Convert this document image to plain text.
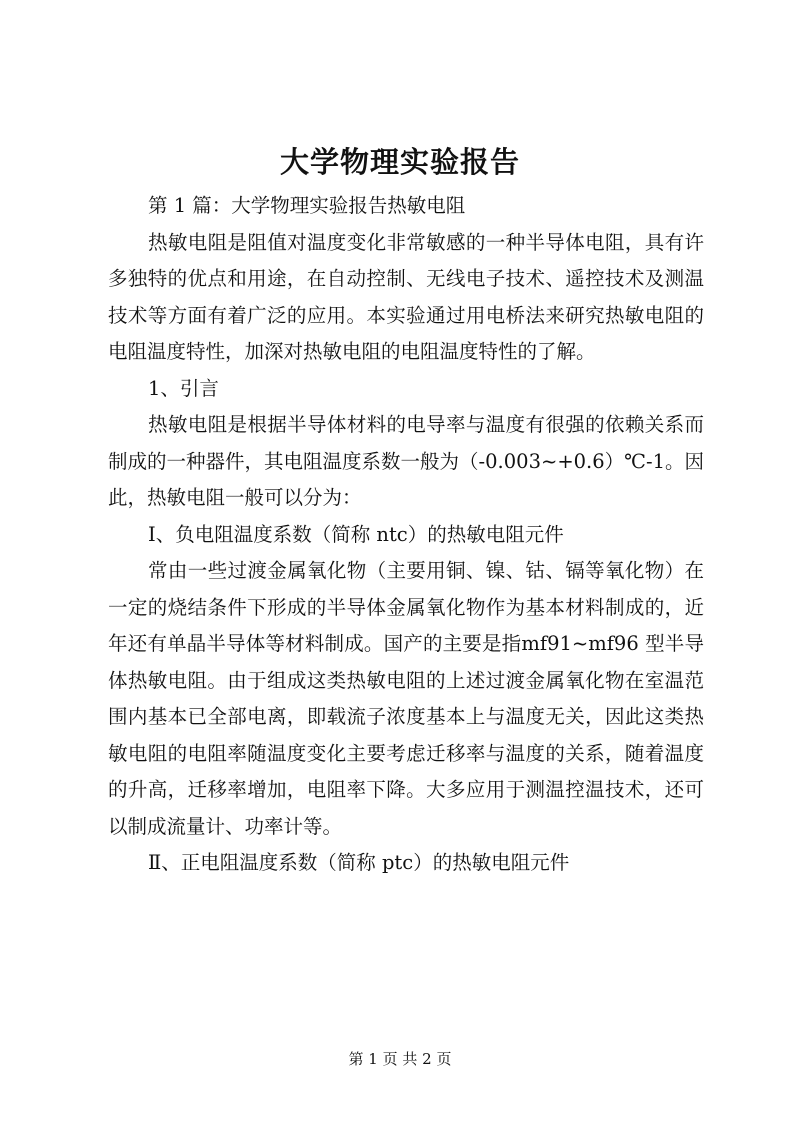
大学物理实验报告

第 1 篇：大学物理实验报告热敏电阻

热敏电阻是阻值对温度变化非常敏感的一种半导体电阻，具有许多独特的优点和用途，在自动控制、无线电子技术、遥控技术及测温技术等方面有着广泛的应用。本实验通过用电桥法来研究热敏电阻的电阻温度特性，加深对热敏电阻的电阻温度特性的了解。

1、引言

热敏电阻是根据半导体材料的电导率与温度有很强的依赖关系而制成的一种器件，其电阻温度系数一般为（-0.003~+0.6）℃-1。因此，热敏电阻一般可以分为：

Ⅰ、负电阻温度系数（简称 ntc）的热敏电阻元件

常由一些过渡金属氧化物（主要用铜、镍、钴、镉等氧化物）在一定的烧结条件下形成的半导体金属氧化物作为基本材料制成的，近年还有单晶半导体等材料制成。国产的主要是指mf91~mf96 型半导体热敏电阻。由于组成这类热敏电阻的上述过渡金属氧化物在室温范围内基本已全部电离，即载流子浓度基本上与温度无关，因此这类热敏电阻的电阻率随温度变化主要考虑迁移率与温度的关系，随着温度的升高，迁移率增加，电阻率下降。大多应用于测温控温技术，还可以制成流量计、功率计等。

Ⅱ、正电阻温度系数（简称 ptc）的热敏电阻元件

第 1 页 共 2 页
